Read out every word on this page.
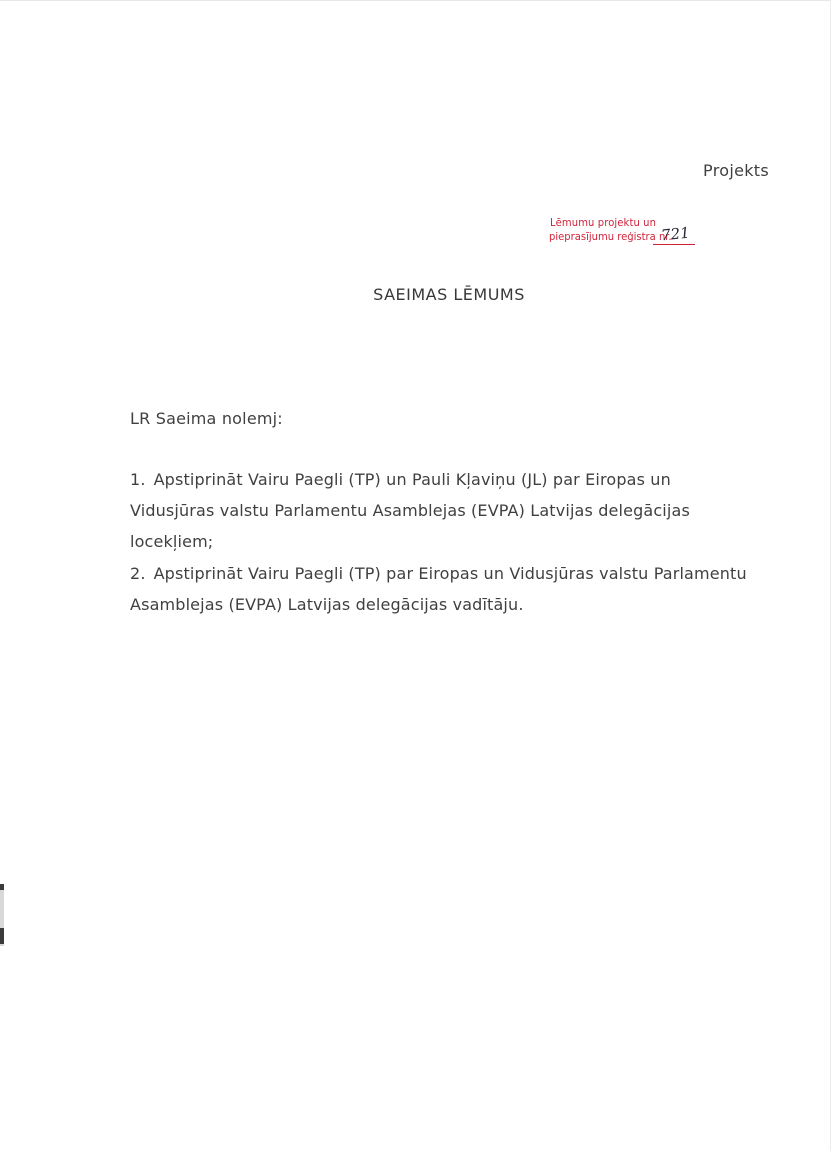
Projekts
Lēmumu projektu un
pieprasījumu reģistra nr.
721
SAEIMAS LĒMUMS
LR Saeima nolemj:
1. Apstiprināt Vairu Paegli (TP) un Pauli Kļaviņu (JL) par Eiropas un Vidusjūras valstu Parlamentu Asamblejas (EVPA) Latvijas delegācijas locekļiem;
2. Apstiprināt Vairu Paegli (TP) par Eiropas un Vidusjūras valstu Parlamentu Asamblejas (EVPA) Latvijas delegācijas vadītāju.
